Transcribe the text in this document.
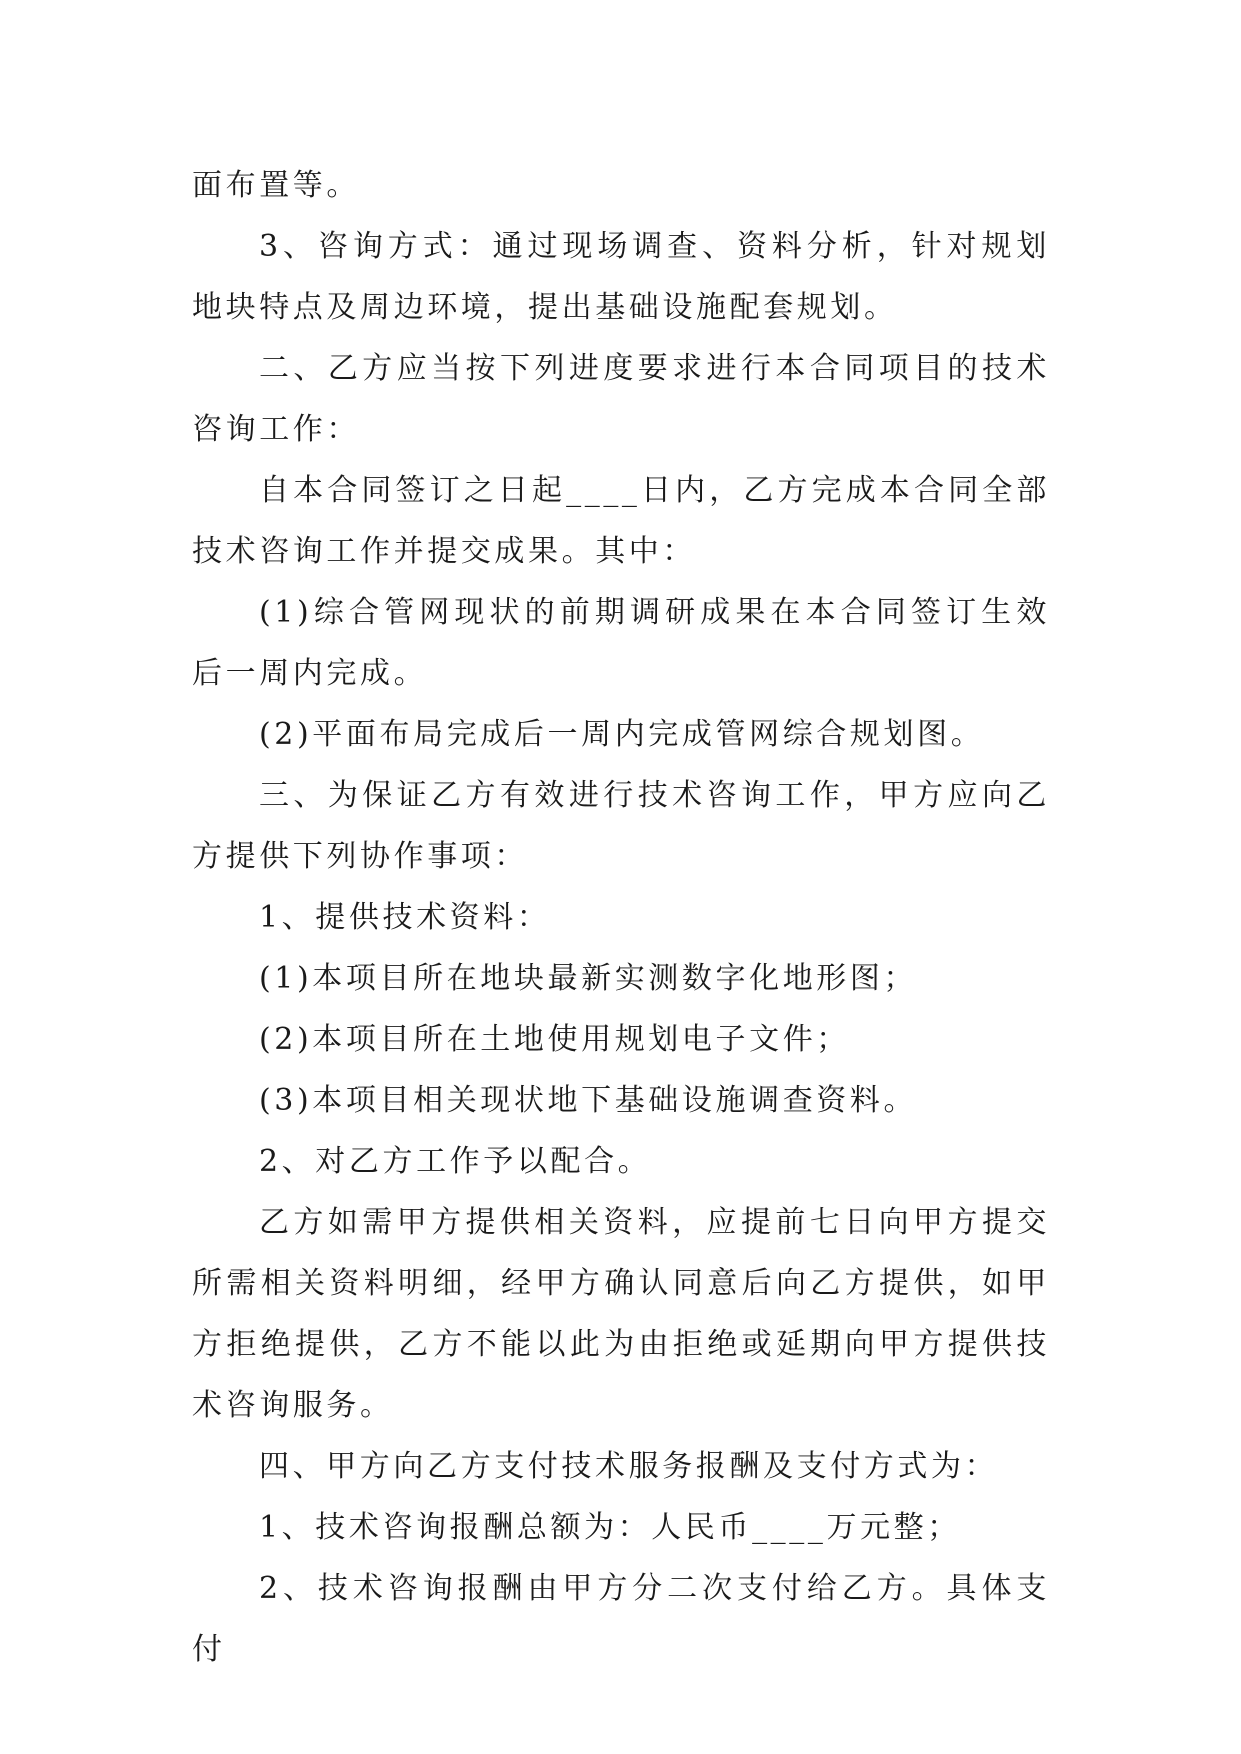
面布置等。

3、咨询方式：通过现场调查、资料分析，针对规划地块特点及周边环境，提出基础设施配套规划。

二、乙方应当按下列进度要求进行本合同项目的技术咨询工作：

自本合同签订之日起____日内，乙方完成本合同全部技术咨询工作并提交成果。其中：

(1)综合管网现状的前期调研成果在本合同签订生效后一周内完成。

(2)平面布局完成后一周内完成管网综合规划图。

三、为保证乙方有效进行技术咨询工作，甲方应向乙方提供下列协作事项：

1、提供技术资料：

(1)本项目所在地块最新实测数字化地形图；

(2)本项目所在土地使用规划电子文件；

(3)本项目相关现状地下基础设施调查资料。

2、对乙方工作予以配合。

乙方如需甲方提供相关资料，应提前七日向甲方提交所需相关资料明细，经甲方确认同意后向乙方提供，如甲方拒绝提供，乙方不能以此为由拒绝或延期向甲方提供技术咨询服务。

四、甲方向乙方支付技术服务报酬及支付方式为：

1、技术咨询报酬总额为：人民币____万元整；

2、技术咨询报酬由甲方分二次支付给乙方。具体支付
